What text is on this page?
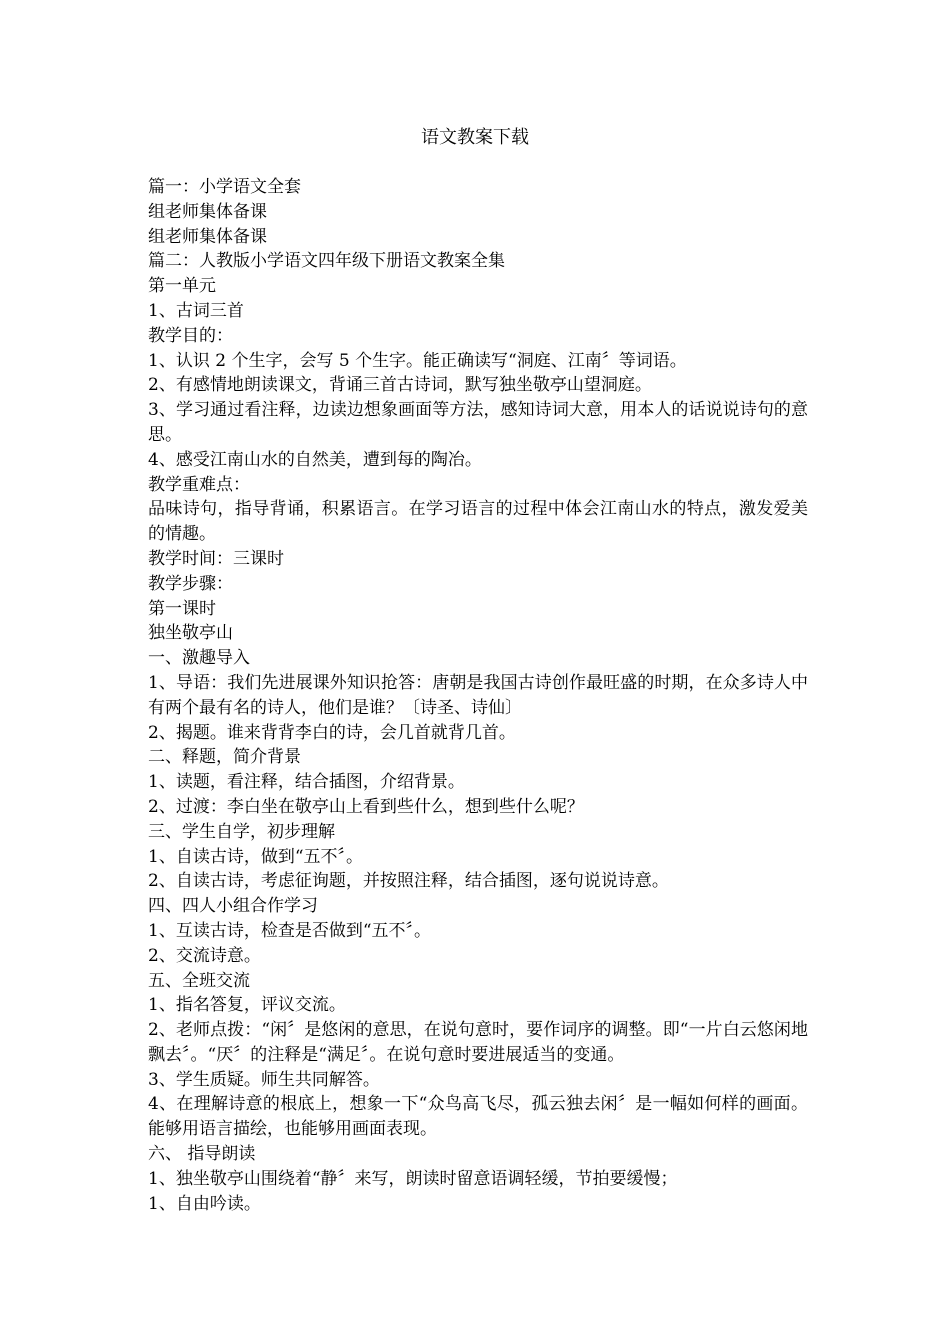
语文教案下载

篇一：小学语文全套

组老师集体备课

组老师集体备课

篇二：人教版小学语文四年级下册语文教案全集

第一单元

1、古词三首

教学目的：

1、认识 2 个生字，会写 5 个生字。能正确读写“洞庭、江南〞等词语。

2、有感情地朗读课文，背诵三首古诗词，默写独坐敬亭山望洞庭。

3、学习通过看注释，边读边想象画面等方法，感知诗词大意，用本人的话说说诗句的意思。

4、感受江南山水的自然美，遭到每的陶冶。

教学重难点：

品味诗句，指导背诵，积累语言。在学习语言的过程中体会江南山水的特点，激发爱美的情趣。

教学时间：三课时

教学步骤：

第一课时

独坐敬亭山

一、激趣导入

1、导语：我们先进展课外知识抢答：唐朝是我国古诗创作最旺盛的时期，在众多诗人中有两个最有名的诗人，他们是谁？〔诗圣、诗仙〕

2、揭题。谁来背背李白的诗，会几首就背几首。

二、释题，简介背景

1、读题，看注释，结合插图，介绍背景。

2、过渡：李白坐在敬亭山上看到些什么，想到些什么呢？

三、学生自学，初步理解

1、自读古诗，做到“五不〞。

2、自读古诗，考虑征询题，并按照注释，结合插图，逐句说说诗意。

四、四人小组合作学习

1、互读古诗，检查是否做到“五不〞。

2、交流诗意。

五、全班交流

1、指名答复，评议交流。

2、老师点拨：“闲〞是悠闲的意思，在说句意时，要作词序的调整。即“一片白云悠闲地飘去〞。“厌〞的注释是“满足〞。在说句意时要进展适当的变通。

3、学生质疑。师生共同解答。

4、在理解诗意的根底上，想象一下“众鸟高飞尽，孤云独去闲〞是一幅如何样的画面。能够用语言描绘，也能够用画面表现。

六、 指导朗读

1、独坐敬亭山围绕着“静〞来写，朗读时留意语调轻缓，节拍要缓慢；

1、自由吟读。
